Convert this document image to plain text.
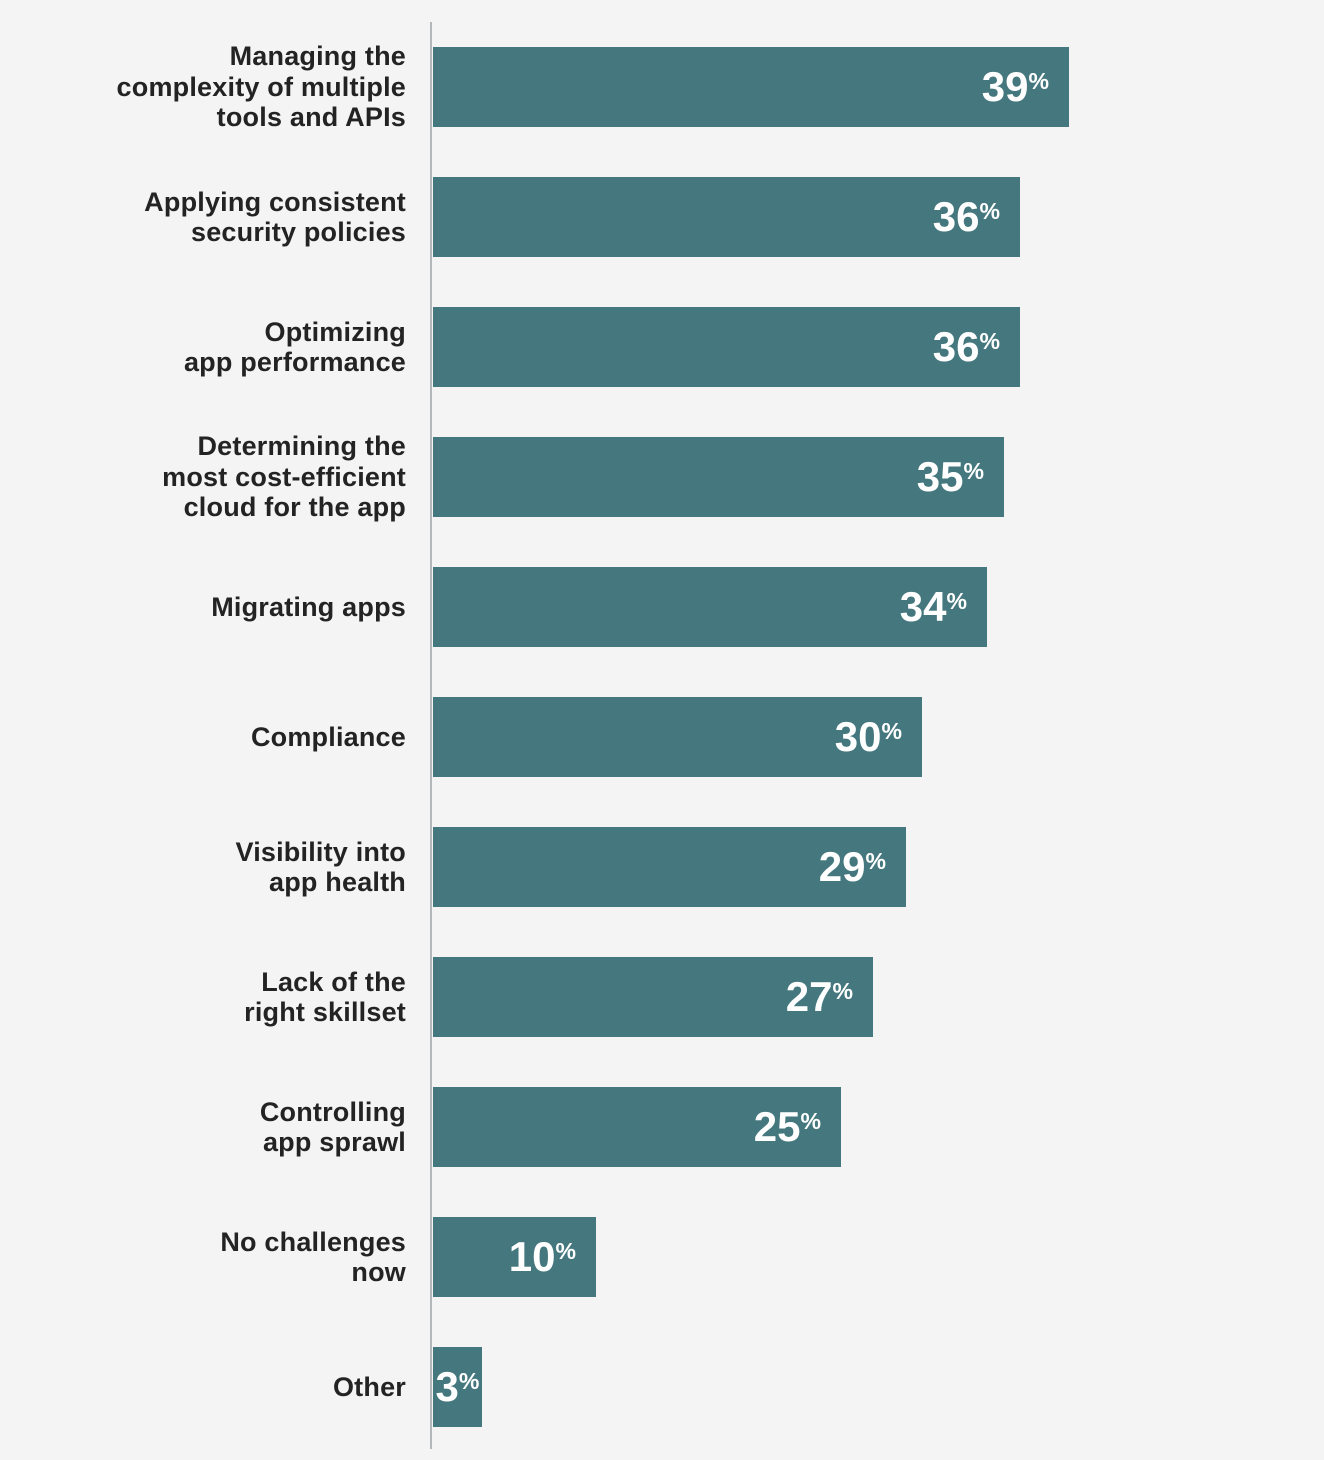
Managing the
complexity of multiple
tools and APIs
39%
Applying consistent
security policies	36%
Optimizing
app performance	36%
Determining the
most cost-efficient
cloud for the app
35%
Migrating apps	34%
Compliance	30%
Visibility into
app health	29%
Lack of the
right skillset	27%
Controlling
app sprawl	25%
No challenges
now 10%
Other 3%
